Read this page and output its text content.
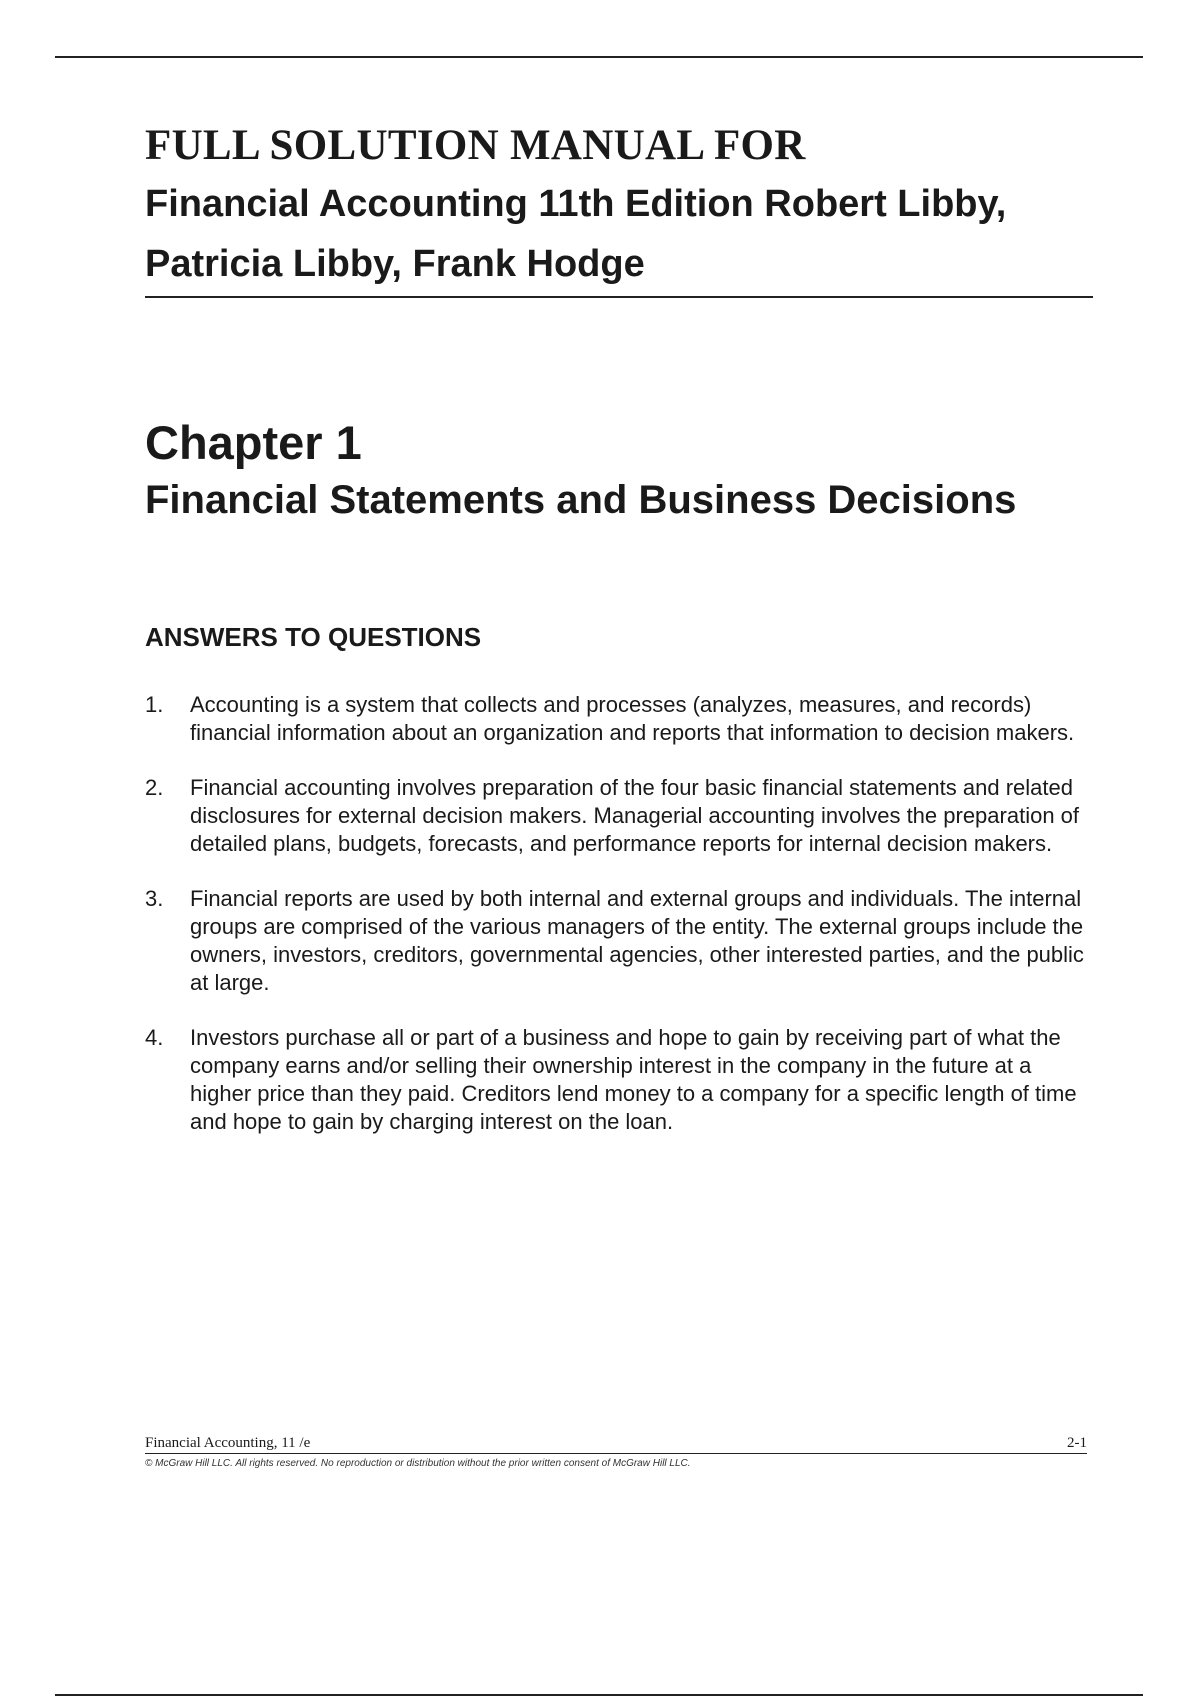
FULL SOLUTION MANUAL FOR
Financial Accounting 11th Edition Robert Libby,
Patricia Libby, Frank Hodge
Chapter 1
Financial Statements and Business Decisions
ANSWERS TO QUESTIONS
1. Accounting is a system that collects and processes (analyzes, measures, and records) financial information about an organization and reports that information to decision makers.
2. Financial accounting involves preparation of the four basic financial statements and related disclosures for external decision makers. Managerial accounting involves the preparation of detailed plans, budgets, forecasts, and performance reports for internal decision makers.
3. Financial reports are used by both internal and external groups and individuals. The internal groups are comprised of the various managers of the entity. The external groups include the owners, investors, creditors, governmental agencies, other interested parties, and the public at large.
4. Investors purchase all or part of a business and hope to gain by receiving part of what the company earns and/or selling their ownership interest in the company in the future at a higher price than they paid. Creditors lend money to a company for a specific length of time and hope to gain by charging interest on the loan.
Financial Accounting, 11 /e	2-1
© McGraw Hill LLC. All rights reserved. No reproduction or distribution without the prior written consent of McGraw Hill LLC.
